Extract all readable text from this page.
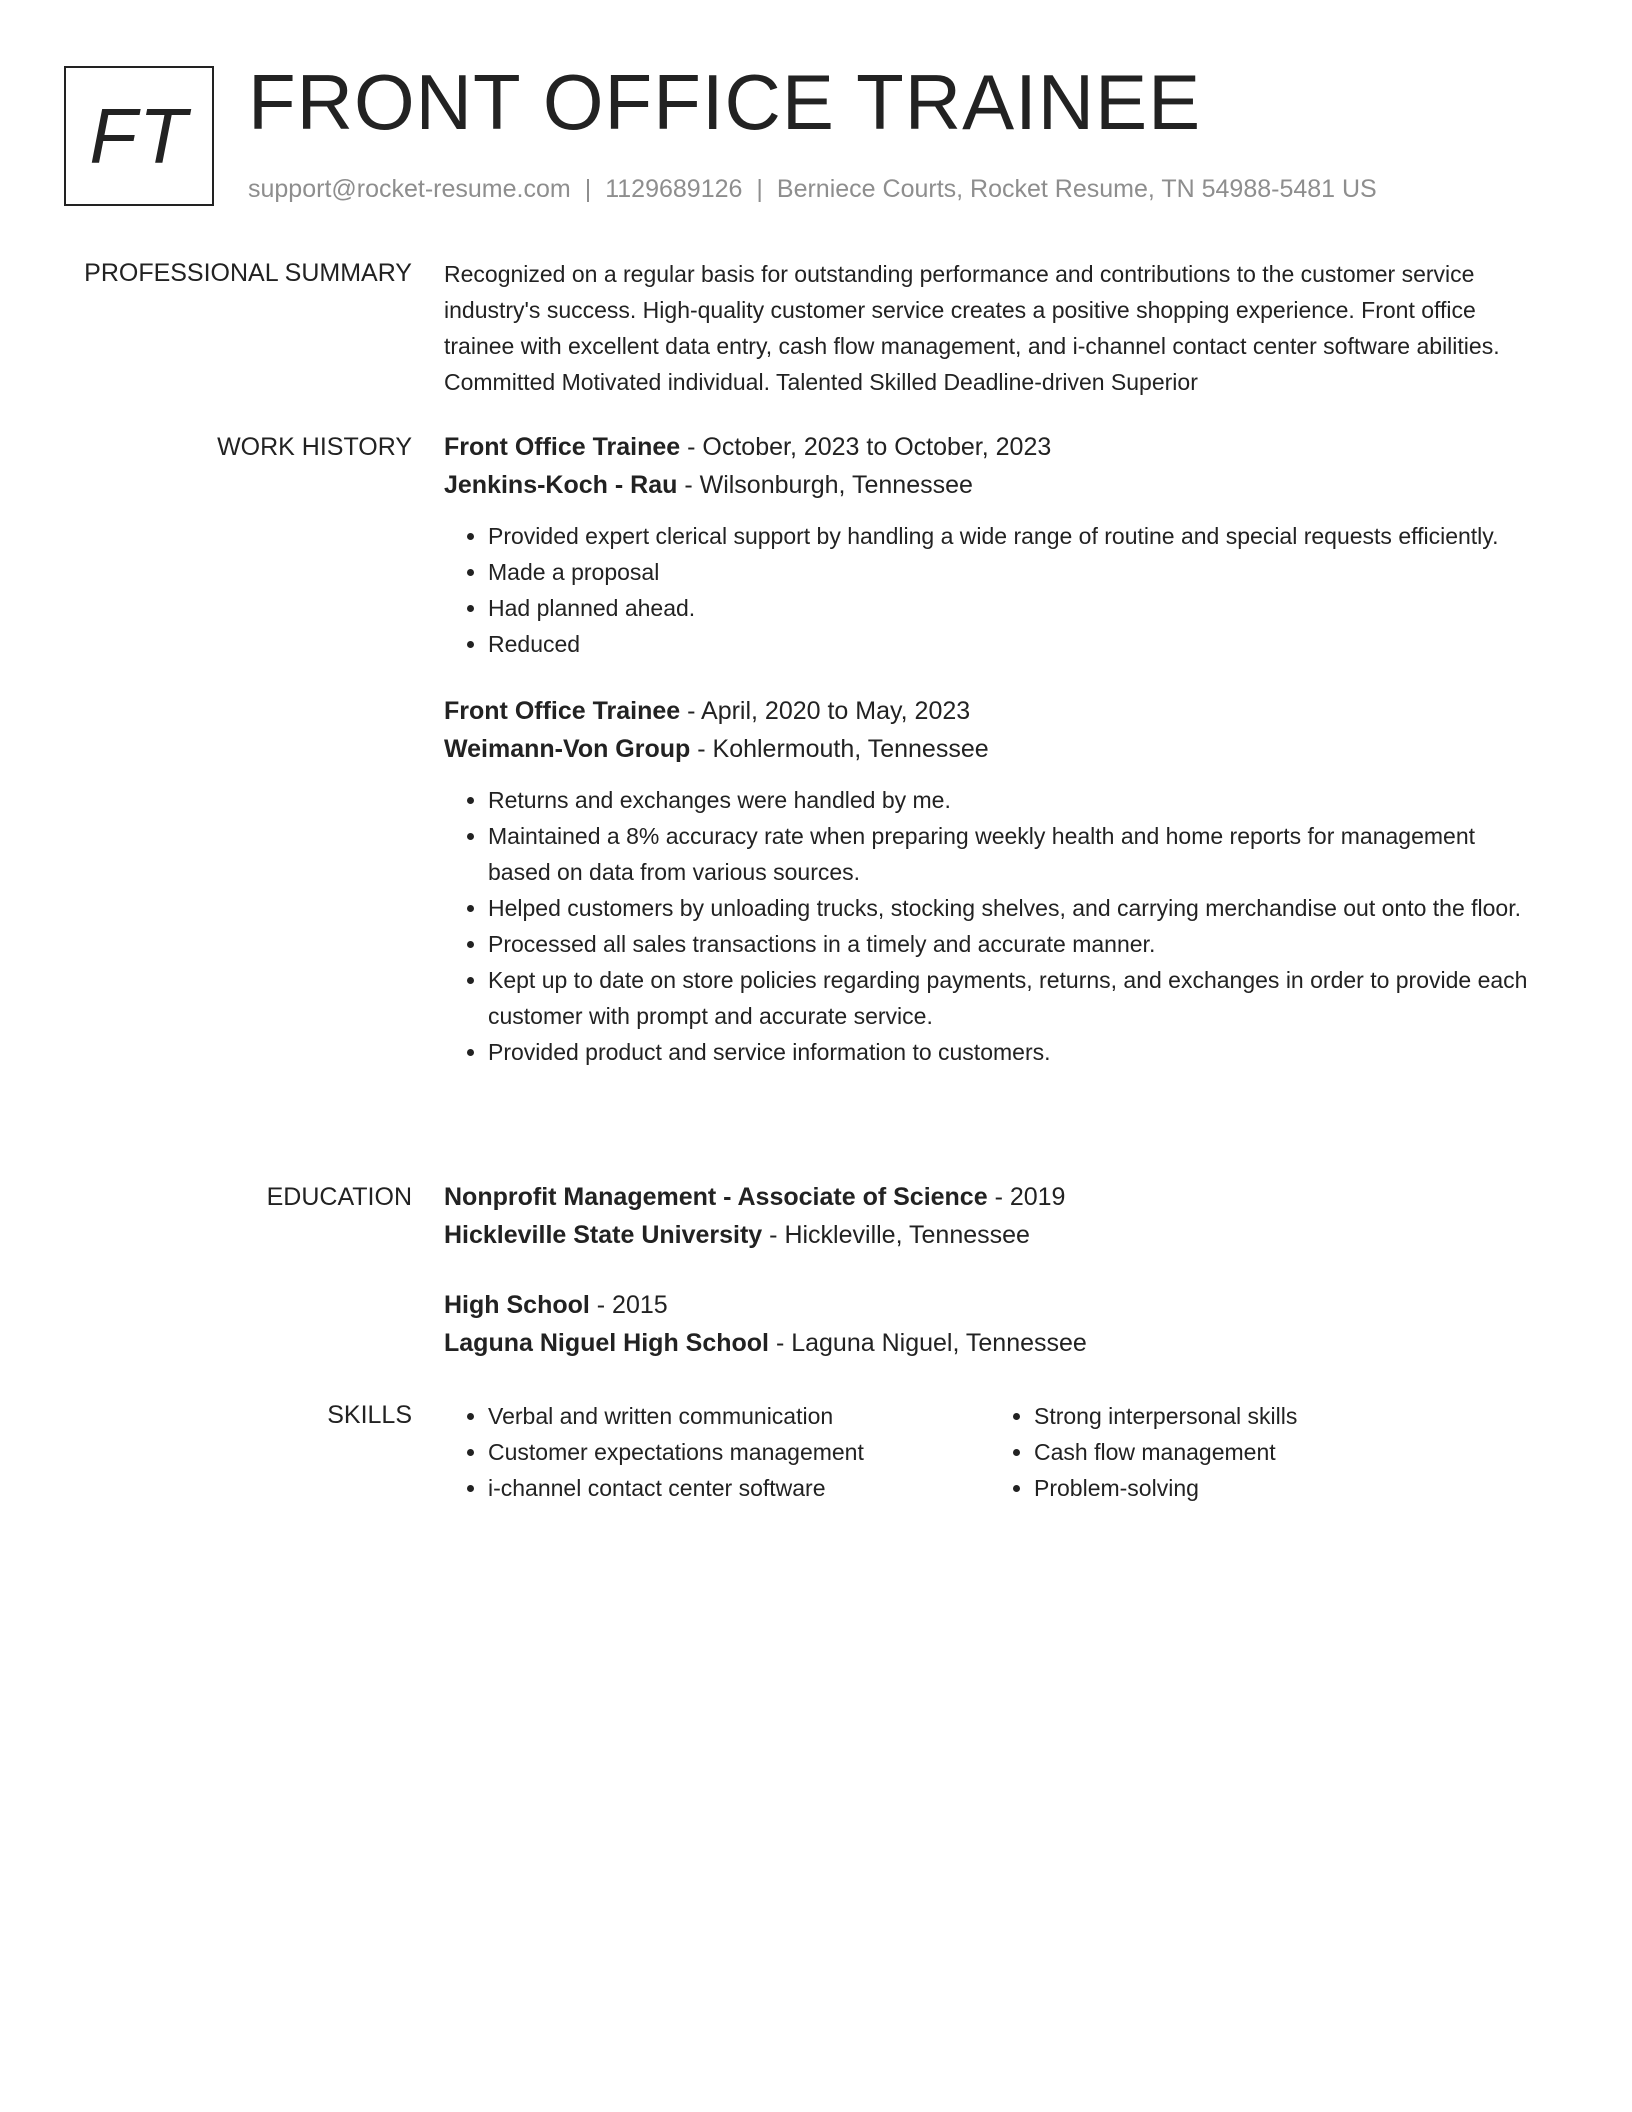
FT FRONT OFFICE TRAINEE
support@rocket-resume.com | 1129689126 | Berniece Courts, Rocket Resume, TN 54988-5481 US
PROFESSIONAL SUMMARY Recognized on a regular basis for outstanding performance and contributions to the customer service industry's success. High-quality customer service creates a positive shopping experience. Front office trainee with excellent data entry, cash flow management, and i-channel contact center software abilities. Committed Motivated individual. Talented Skilled Deadline-driven Superior

WORK HISTORY Front Office Trainee - October, 2023 to October, 2023
Jenkins-Koch - Rau - Wilsonburgh, Tennessee
• Provided expert clerical support by handling a wide range of routine and special requests efficiently.
• Made a proposal
• Had planned ahead.
• Reduced
Front Office Trainee - April, 2020 to May, 2023
Weimann-Von Group - Kohlermouth, Tennessee
• Returns and exchanges were handled by me.
• Maintained a 8% accuracy rate when preparing weekly health and home reports for management based on data from various sources.
• Helped customers by unloading trucks, stocking shelves, and carrying merchandise out onto the floor.
• Processed all sales transactions in a timely and accurate manner.
• Kept up to date on store policies regarding payments, returns, and exchanges in order to provide each customer with prompt and accurate service.
• Provided product and service information to customers.
EDUCATION Nonprofit Management - Associate of Science - 2019
Hickleville State University - Hickleville, Tennessee
High School - 2015
Laguna Niguel High School - Laguna Niguel, Tennessee
SKILLS
•	Verbal and written communication
• Customer expectations management
• i-channel contact center software
• Strong interpersonal skills
• Cash flow management
• Problem-solving
